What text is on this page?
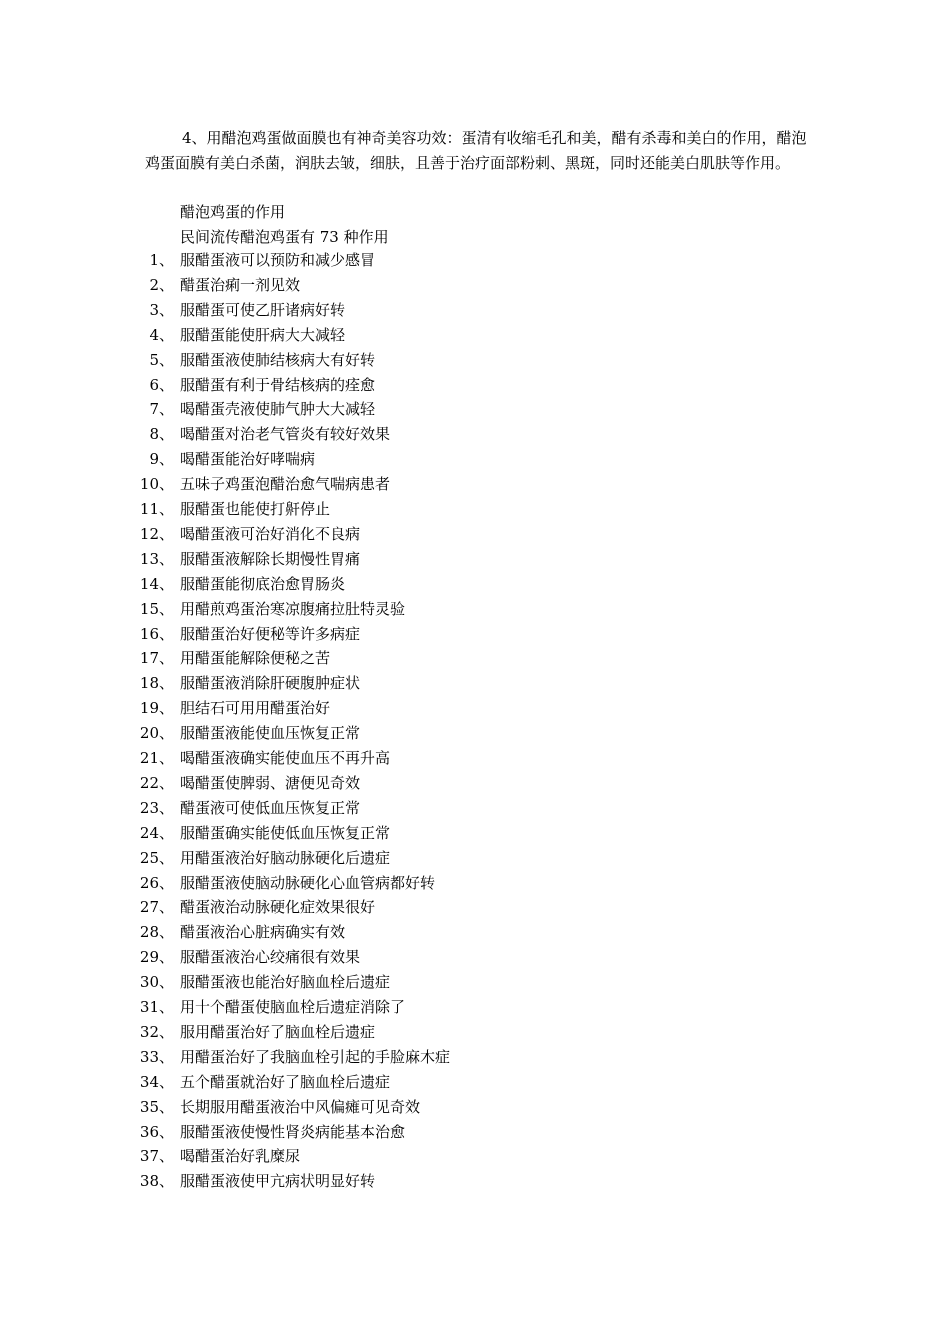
4、用醋泡鸡蛋做面膜也有神奇美容功效：蛋清有收缩毛孔和美，醋有杀毒和美白的作用，醋泡鸡蛋面膜有美白杀菌，润肤去皱，细肤，且善于治疗面部粉刺、黑斑，同时还能美白肌肤等作用。

醋泡鸡蛋的作用
民间流传醋泡鸡蛋有 73 种作用
1、 服醋蛋液可以预防和减少感冒
2、 醋蛋治痢一剂见效
3、 服醋蛋可使乙肝诸病好转
4、 服醋蛋能使肝病大大减轻
5、 服醋蛋液使肺结核病大有好转
6、 服醋蛋有利于骨结核病的痊愈
7、 喝醋蛋壳液使肺气肿大大减轻
8、 喝醋蛋对治老气管炎有较好效果
9、 喝醋蛋能治好哮喘病
10、 五味子鸡蛋泡醋治愈气喘病患者
11、 服醋蛋也能使打鼾停止
12、 喝醋蛋液可治好消化不良病
13、 服醋蛋液解除长期慢性胃痛
14、 服醋蛋能彻底治愈胃肠炎
15、 用醋煎鸡蛋治寒凉腹痛拉肚特灵验
16、 服醋蛋治好便秘等许多病症
17、 用醋蛋能解除便秘之苦
18、 服醋蛋液消除肝硬腹肿症状
19、 胆结石可用用醋蛋治好
20、 服醋蛋液能使血压恢复正常
21、 喝醋蛋液确实能使血压不再升高
22、 喝醋蛋使脾弱、溏便见奇效
23、 醋蛋液可使低血压恢复正常
24、 服醋蛋确实能使低血压恢复正常
25、 用醋蛋液治好脑动脉硬化后遗症
26、 服醋蛋液使脑动脉硬化心血管病都好转
27、 醋蛋液治动脉硬化症效果很好
28、 醋蛋液治心脏病确实有效
29、 服醋蛋液治心绞痛很有效果
30、 服醋蛋液也能治好脑血栓后遗症
31、 用十个醋蛋使脑血栓后遗症消除了
32、 服用醋蛋治好了脑血栓后遗症
33、 用醋蛋治好了我脑血栓引起的手脸麻木症
34、 五个醋蛋就治好了脑血栓后遗症
35、 长期服用醋蛋液治中风偏瘫可见奇效
36、 服醋蛋液使慢性肾炎病能基本治愈
37、 喝醋蛋治好乳糜尿
38、 服醋蛋液使甲亢病状明显好转
